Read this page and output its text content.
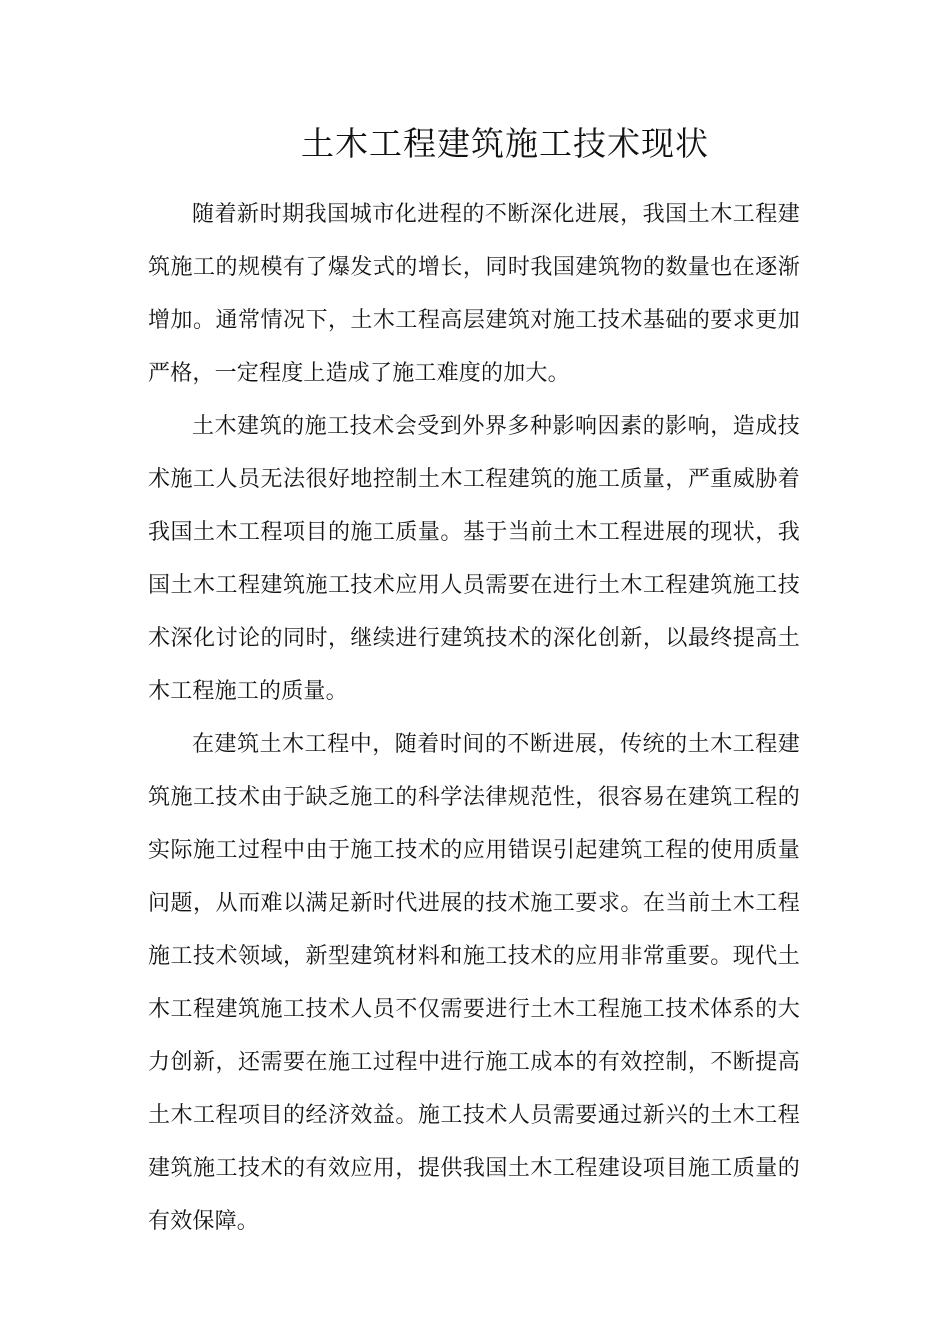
土木工程建筑施工技术现状

随着新时期我国城市化进程的不断深化进展，我国土木工程建筑施工的规模有了爆发式的增长，同时我国建筑物的数量也在逐渐增加。通常情况下，土木工程高层建筑对施工技术基础的要求更加严格，一定程度上造成了施工难度的加大。

土木建筑的施工技术会受到外界多种影响因素的影响，造成技术施工人员无法很好地控制土木工程建筑的施工质量，严重威胁着我国土木工程项目的施工质量。基于当前土木工程进展的现状，我国土木工程建筑施工技术应用人员需要在进行土木工程建筑施工技术深化讨论的同时，继续进行建筑技术的深化创新，以最终提高土木工程施工的质量。

在建筑土木工程中，随着时间的不断进展，传统的土木工程建筑施工技术由于缺乏施工的科学法律规范性，很容易在建筑工程的实际施工过程中由于施工技术的应用错误引起建筑工程的使用质量问题，从而难以满足新时代进展的技术施工要求。在当前土木工程施工技术领域，新型建筑材料和施工技术的应用非常重要。现代土木工程建筑施工技术人员不仅需要进行土木工程施工技术体系的大力创新，还需要在施工过程中进行施工成本的有效控制，不断提高土木工程项目的经济效益。施工技术人员需要通过新兴的土木工程建筑施工技术的有效应用，提供我国土木工程建设项目施工质量的有效保障。
